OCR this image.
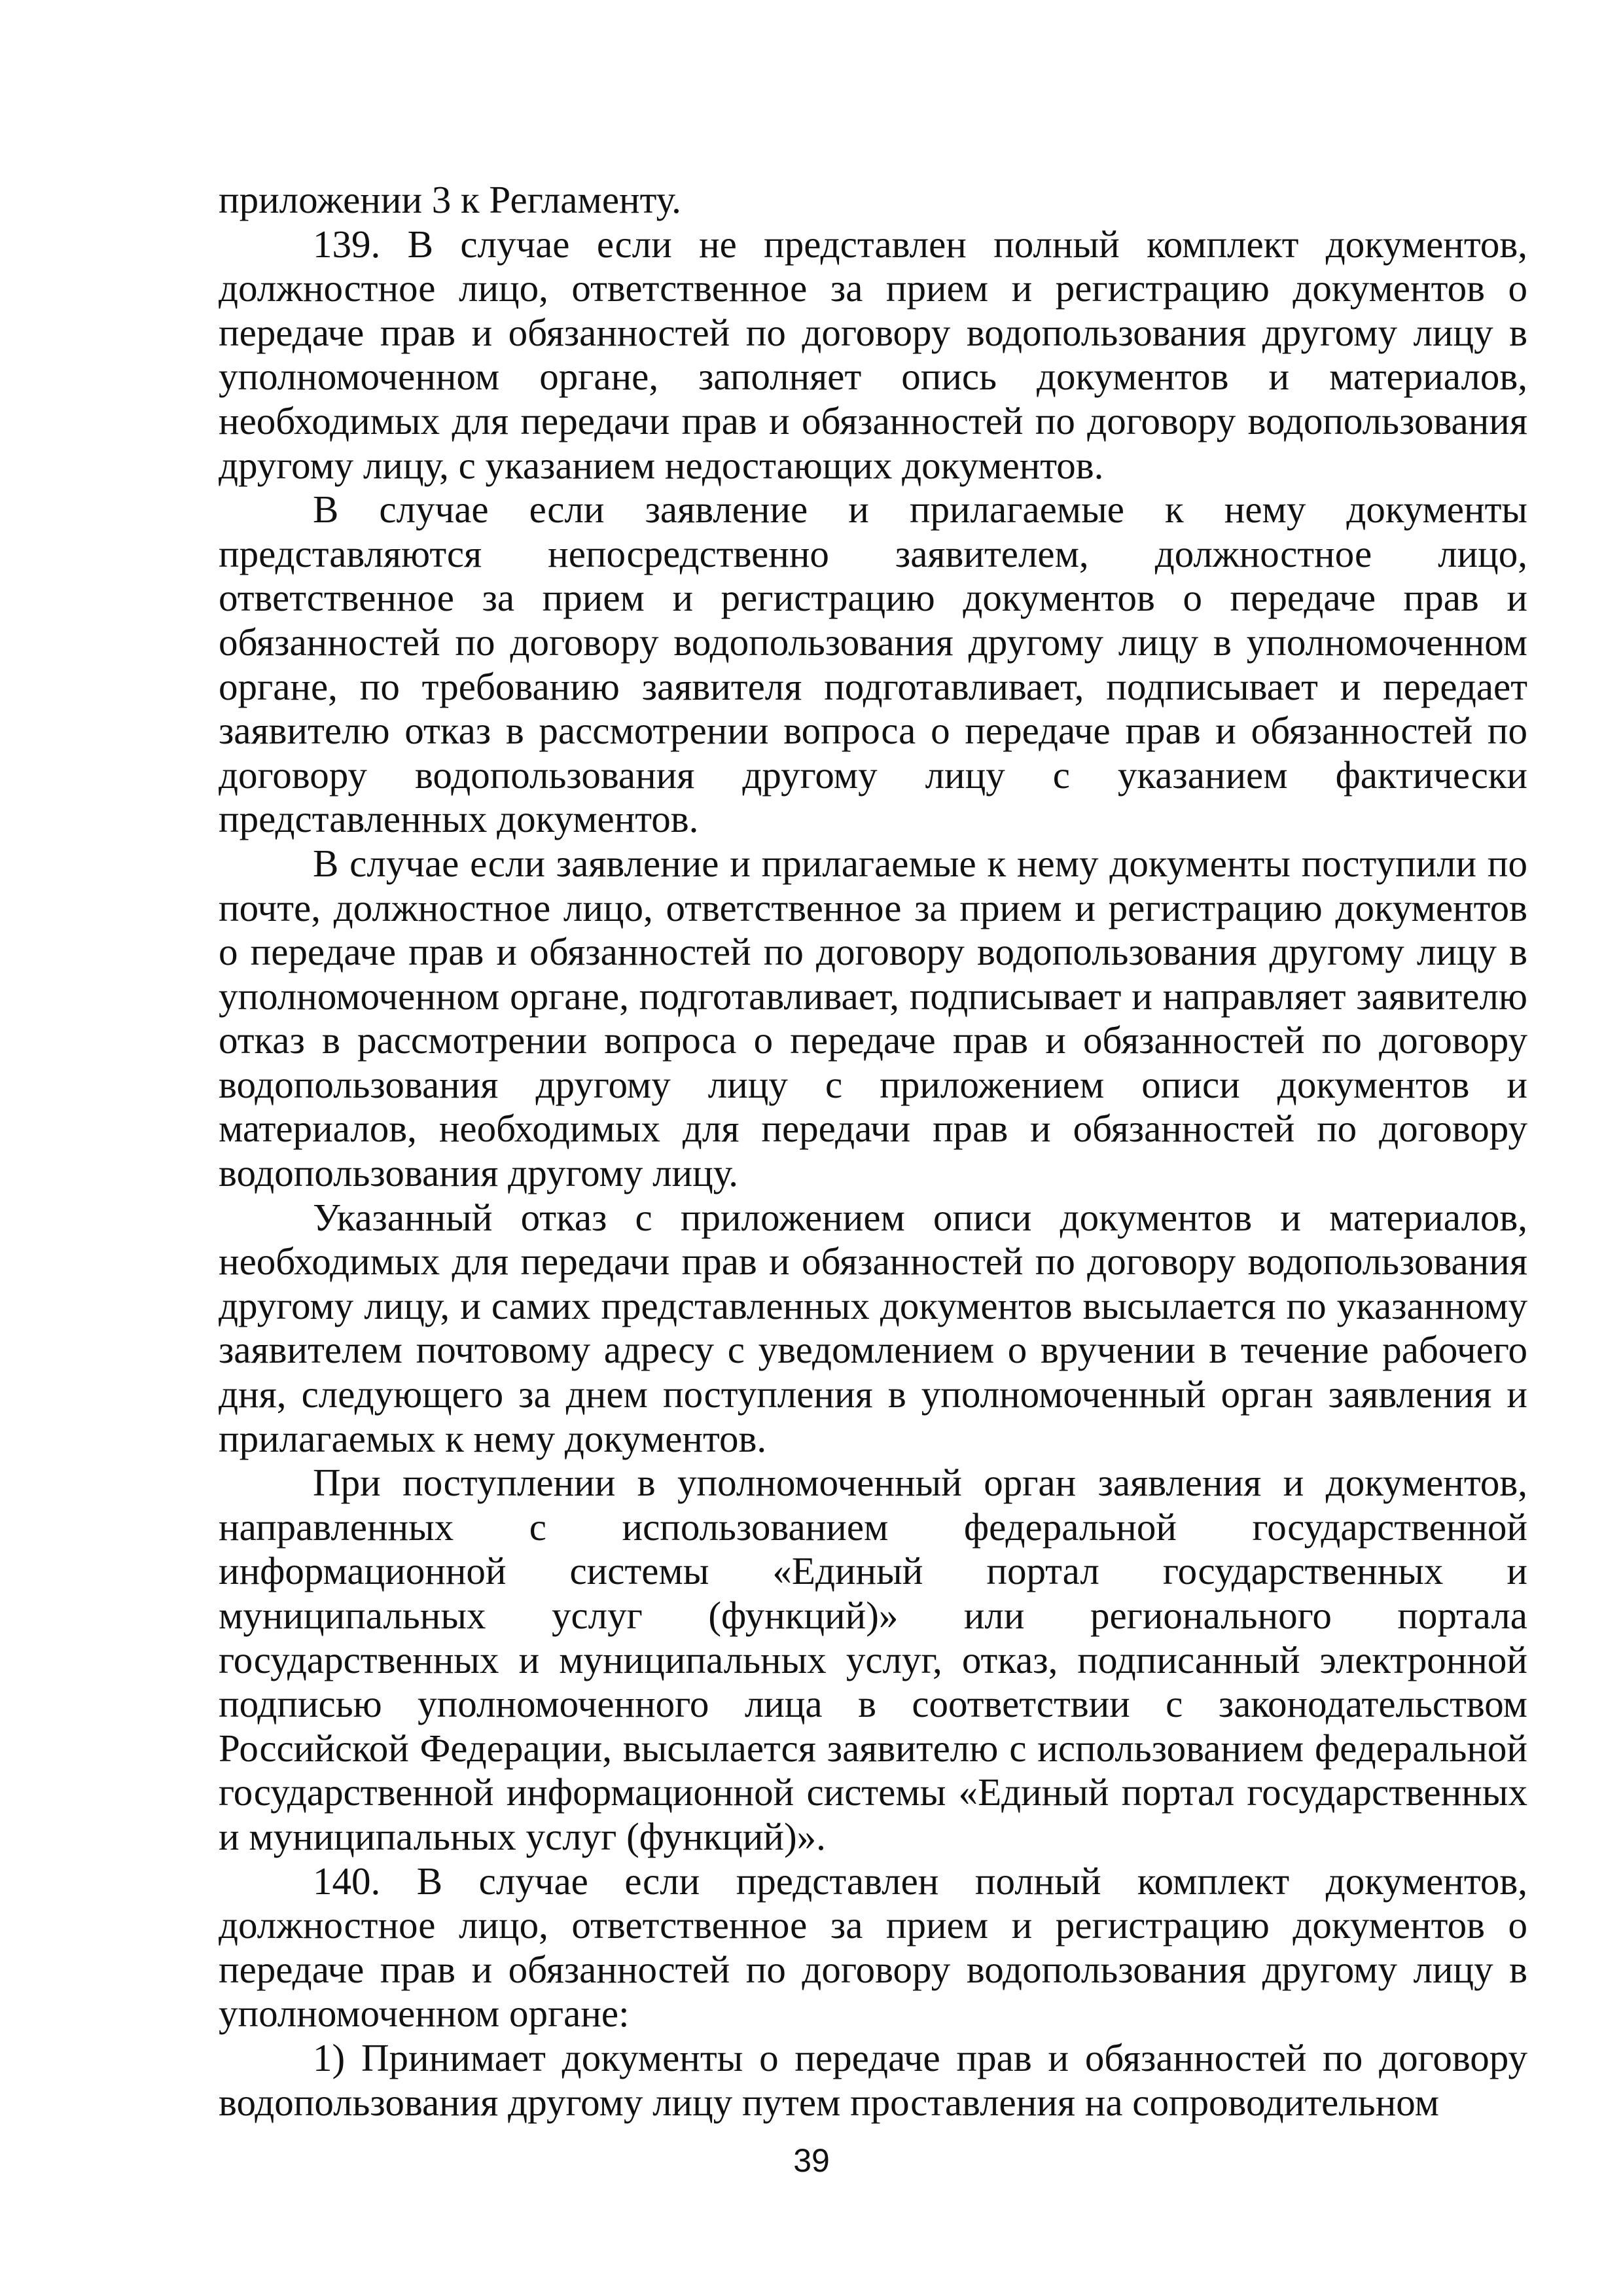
приложении 3 к Регламенту.

139. В случае если не представлен полный комплект документов, должностное лицо, ответственное за прием и регистрацию документов о передаче прав и обязанностей по договору водопользования другому лицу в уполномоченном органе, заполняет опись документов и материалов, необходимых для передачи прав и обязанностей по договору водопользования другому лицу, с указанием недостающих документов.

В случае если заявление и прилагаемые к нему документы представляются непосредственно заявителем, должностное лицо, ответственное за прием и регистрацию документов о передаче прав и обязанностей по договору водопользования другому лицу в уполномоченном органе, по требованию заявителя подготавливает, подписывает и передает заявителю отказ в рассмотрении вопроса о передаче прав и обязанностей по договору водопользования другому лицу с указанием фактически представленных документов.

В случае если заявление и прилагаемые к нему документы поступили по почте, должностное лицо, ответственное за прием и регистрацию документов о передаче прав и обязанностей по договору водопользования другому лицу в уполномоченном органе, подготавливает, подписывает и направляет заявителю отказ в рассмотрении вопроса о передаче прав и обязанностей по договору водопользования другому лицу с приложением описи документов и материалов, необходимых для передачи прав и обязанностей по договору водопользования другому лицу.

Указанный отказ с приложением описи документов и материалов, необходимых для передачи прав и обязанностей по договору водопользования другому лицу, и самих представленных документов высылается по указанному заявителем почтовому адресу с уведомлением о вручении в течение рабочего дня, следующего за днем поступления в уполномоченный орган заявления и прилагаемых к нему документов.

При поступлении в уполномоченный орган заявления и документов, направленных с использованием федеральной государственной информационной системы «Единый портал государственных и муниципальных услуг (функций)» или регионального портала государственных и муниципальных услуг, отказ, подписанный электронной подписью уполномоченного лица в соответствии с законодательством Российской Федерации, высылается заявителю с использованием федеральной государственной информационной системы «Единый портал государственных и муниципальных услуг (функций)».

140. В случае если представлен полный комплект документов, должностное лицо, ответственное за прием и регистрацию документов о передаче прав и обязанностей по договору водопользования другому лицу в уполномоченном органе:

1) Принимает документы о передаче прав и обязанностей по договору водопользования другому лицу путем проставления на сопроводительном

39
